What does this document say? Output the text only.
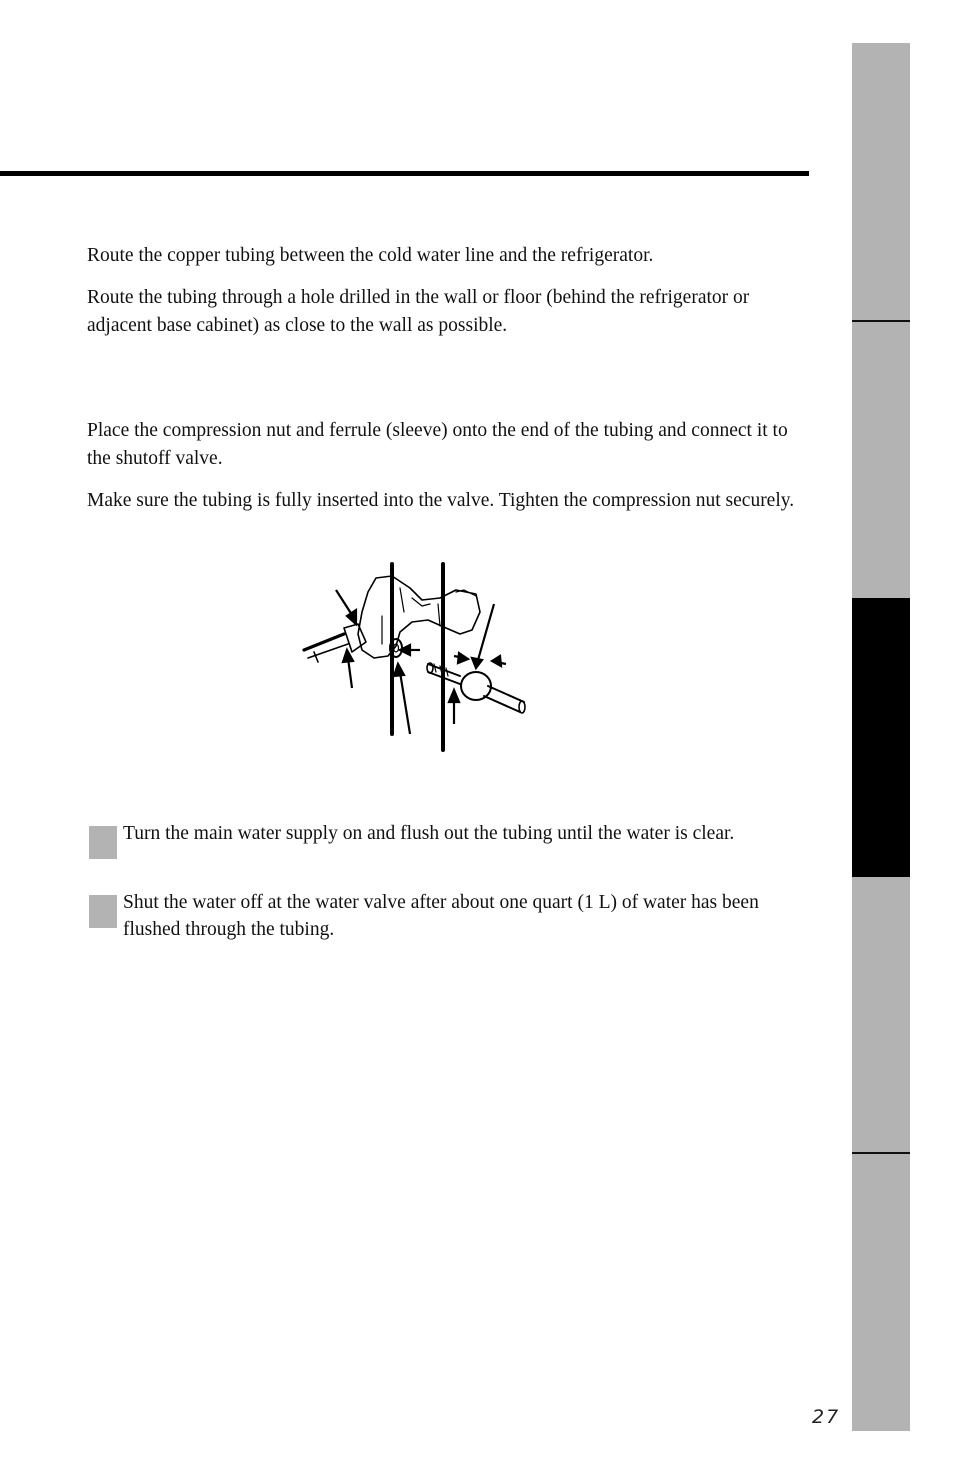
Route the copper tubing between the cold water line and the refrigerator.

Route the tubing through a hole drilled in the wall or floor (behind the refrigerator or adjacent base cabinet) as close to the wall as possible.

Place the compression nut and ferrule (sleeve) onto the end of the tubing and connect it to the shutoff valve.

Make sure the tubing is fully inserted into the valve. Tighten the compression nut securely.

Turn the main water supply on and flush out the tubing until the water is clear.

Shut the water off at the water valve after about one quart (1 L) of water has been flushed through the tubing.

27
